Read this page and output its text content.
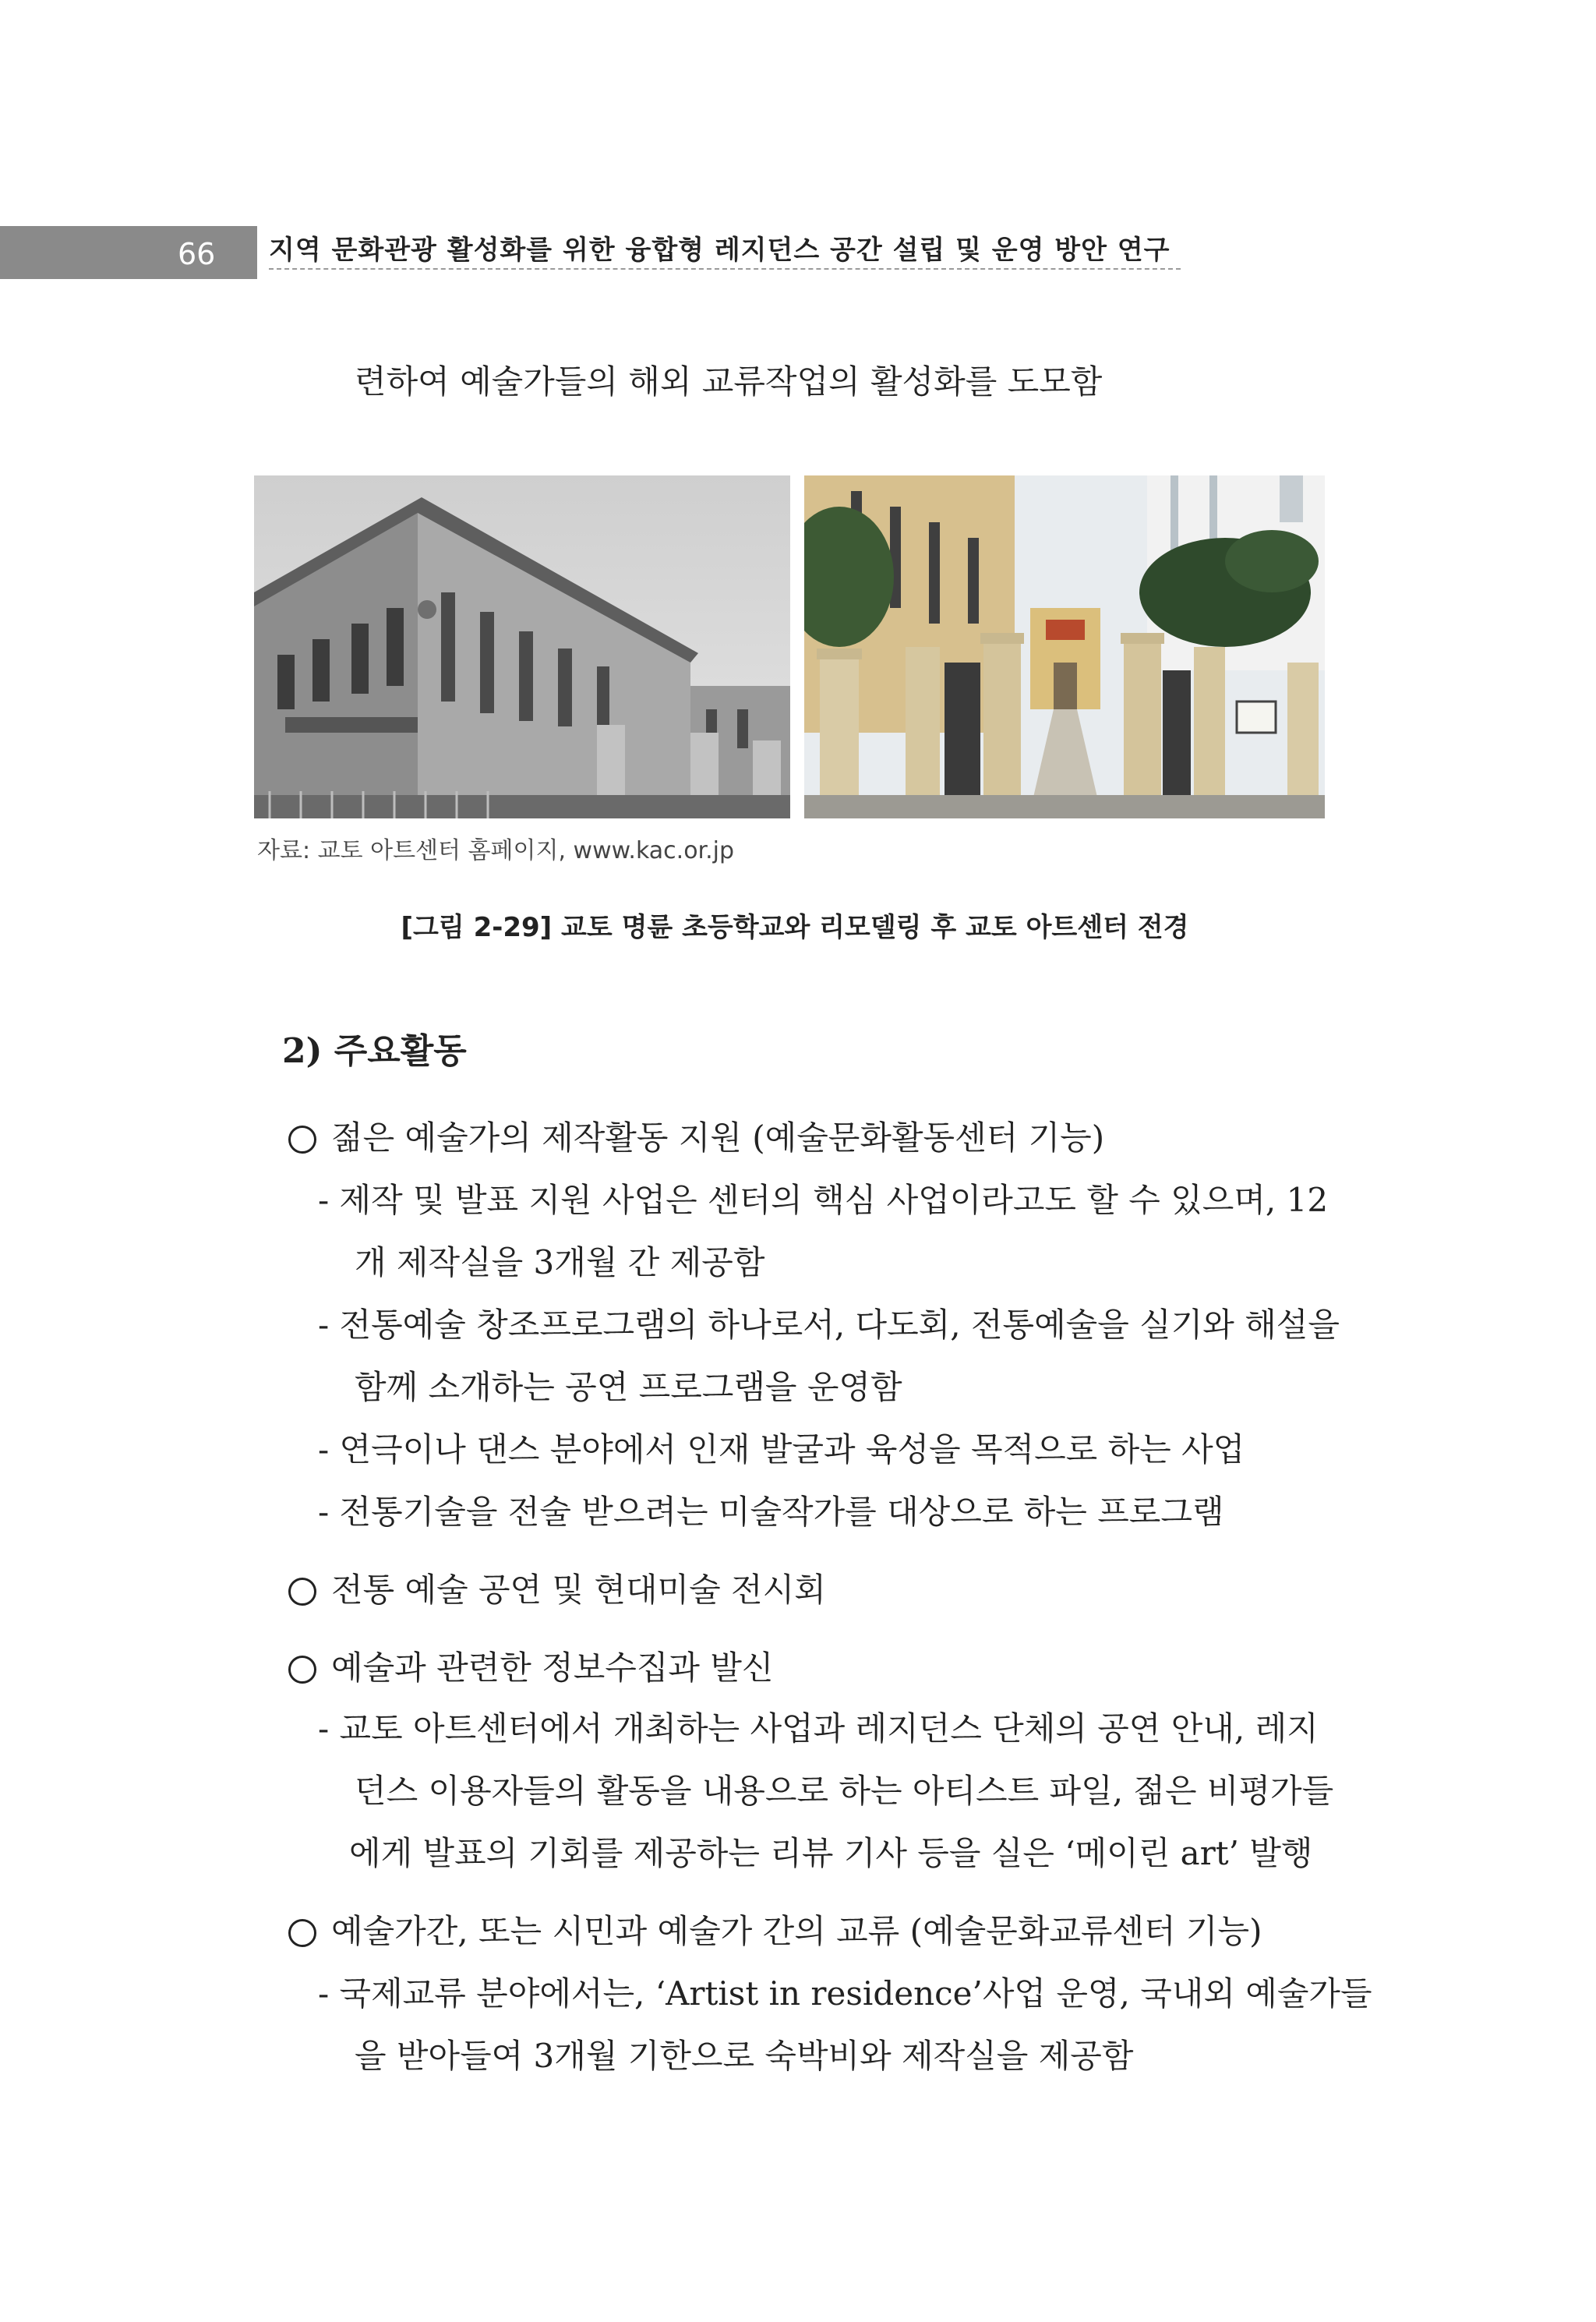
66	지역 문화관광 활성화를 위한 융합형 레지던스 공간 설립 및 운영 방안 연구
련하여 예술가들의 해외 교류작업의 활성화를 도모함
자료: 교토 아트센터 홈페이지, www.kac.or.jp
[그림 2-29] 교토 명륜 초등학교와 리모델링 후 교토 아트센터 전경
2) 주요활동
젊은 예술가의 제작활동 지원 (예술문화활동센터 기능)
- 제작 및 발표 지원 사업은 센터의 핵심 사업이라고도 할 수 있으며, 12
개 제작실을 3개월 간 제공함
- 전통예술 창조프로그램의 하나로서, 다도회, 전통예술을 실기와 해설을
함께 소개하는 공연 프로그램을 운영함
- 연극이나 댄스 분야에서 인재 발굴과 육성을 목적으로 하는 사업
- 전통기술을 전술 받으려는 미술작가를 대상으로 하는 프로그램
전통 예술 공연 및 현대미술 전시회
예술과 관련한 정보수집과 발신
- 교토 아트센터에서 개최하는 사업과 레지던스 단체의 공연 안내, 레지
던스 이용자들의 활동을 내용으로 하는 아티스트 파일, 젊은 비평가들
에게 발표의 기회를 제공하는 리뷰 기사 등을 실은 ‘메이린 art’ 발행
예술가간, 또는 시민과 예술가 간의 교류 (예술문화교류센터 기능)
- 국제교류 분야에서는, ‘Artist in residence’사업 운영, 국내외 예술가들
을 받아들여 3개월 기한으로 숙박비와 제작실을 제공함
